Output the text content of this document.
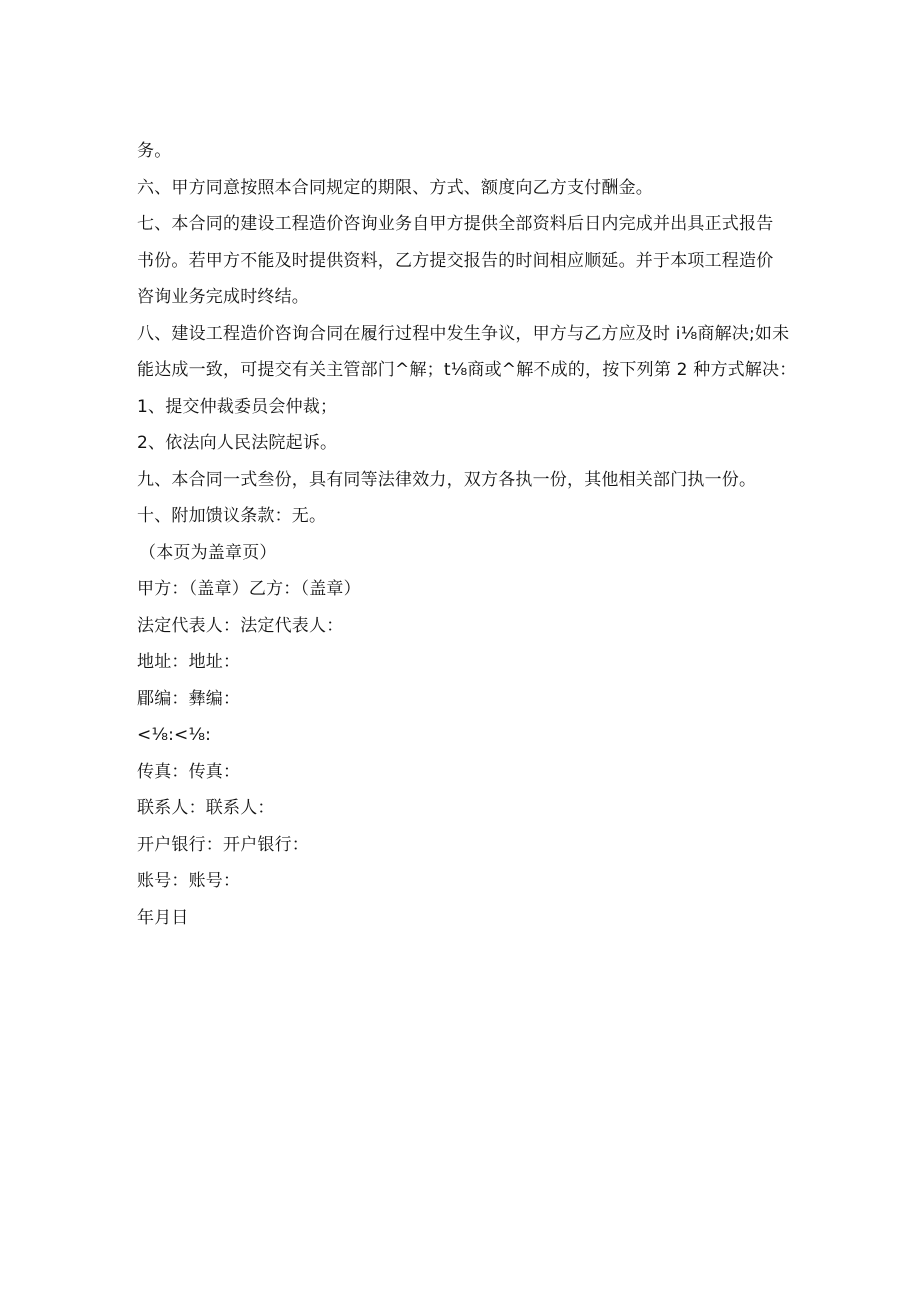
务。
六、甲方同意按照本合同规定的期限、方式、额度向乙方支付酬金。
七、本合同的建设工程造价咨询业务自甲方提供全部资料后日内完成并出具正式报告
书份。若甲方不能及时提供资料，乙方提交报告的时间相应顺延。并于本项工程造价
咨询业务完成时终结。
八、建设工程造价咨询合同在履行过程中发生争议，甲方与乙方应及时 i⅛商解决;如未
能达成一致，可提交有关主管部门^解；t⅛商或^解不成的，按下列第 2 种方式解决：
1、提交仲裁委员会仲裁；
2、依法向人民法院起诉。
九、本合同一式叁份，具有同等法律效力，双方各执一份，其他相关部门执一份。
十、附加馈议条款：无。
（本页为盖章页）
甲方：（盖章）乙方：（盖章）
法定代表人：法定代表人：
地址：地址：
郿编：彝编：
<⅛:<⅛:
传真：传真：
联系人：联系人：
开户银行：开户银行：
账号：账号：
年月日
